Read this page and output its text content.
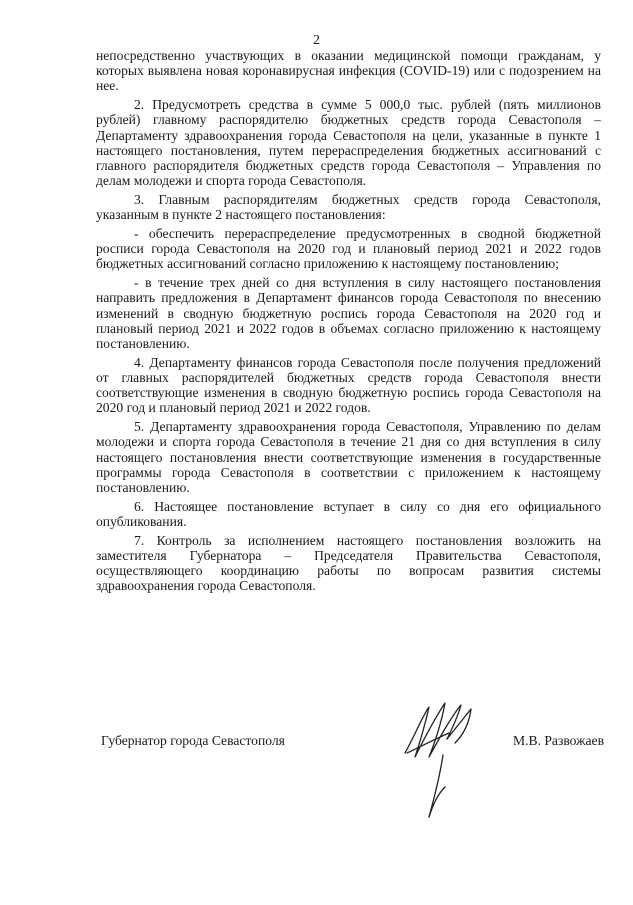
2

непосредственно участвующих в оказании медицинской помощи гражданам, у которых выявлена новая коронавирусная инфекция (COVID-19) или с подозрением на нее.

2. Предусмотреть средства в сумме 5 000,0 тыс. рублей (пять миллионов рублей) главному распорядителю бюджетных средств города Севастополя – Департаменту здравоохранения города Севастополя на цели, указанные в пункте 1 настоящего постановления, путем перераспределения бюджетных ассигнований с главного распорядителя бюджетных средств города Севастополя – Управления по делам молодежи и спорта города Севастополя.

3. Главным распорядителям бюджетных средств города Севастополя, указанным в пункте 2 настоящего постановления:

- обеспечить перераспределение предусмотренных в сводной бюджетной росписи города Севастополя на 2020 год и плановый период 2021 и 2022 годов бюджетных ассигнований согласно приложению к настоящему постановлению;

- в течение трех дней со дня вступления в силу настоящего постановления направить предложения в Департамент финансов города Севастополя по внесению изменений в сводную бюджетную роспись города Севастополя на 2020 год и плановый период 2021 и 2022 годов в объемах согласно приложению к настоящему постановлению.

4. Департаменту финансов города Севастополя после получения предложений от главных распорядителей бюджетных средств города Севастополя внести соответствующие изменения в сводную бюджетную роспись города Севастополя на 2020 год и плановый период 2021 и 2022 годов.

5. Департаменту здравоохранения города Севастополя, Управлению по делам молодежи и спорта города Севастополя в течение 21 дня со дня вступления в силу настоящего постановления внести соответствующие изменения в государственные программы города Севастополя в соответствии с приложением к настоящему постановлению.

6. Настоящее постановление вступает в силу со дня его официального опубликования.

7. Контроль за исполнением настоящего постановления возложить на заместителя Губернатора – Председателя Правительства Севастополя, осуществляющего координацию работы по вопросам развития системы здравоохранения города Севастополя.

Губернатор города Севастополя	М.В. Развожаев
